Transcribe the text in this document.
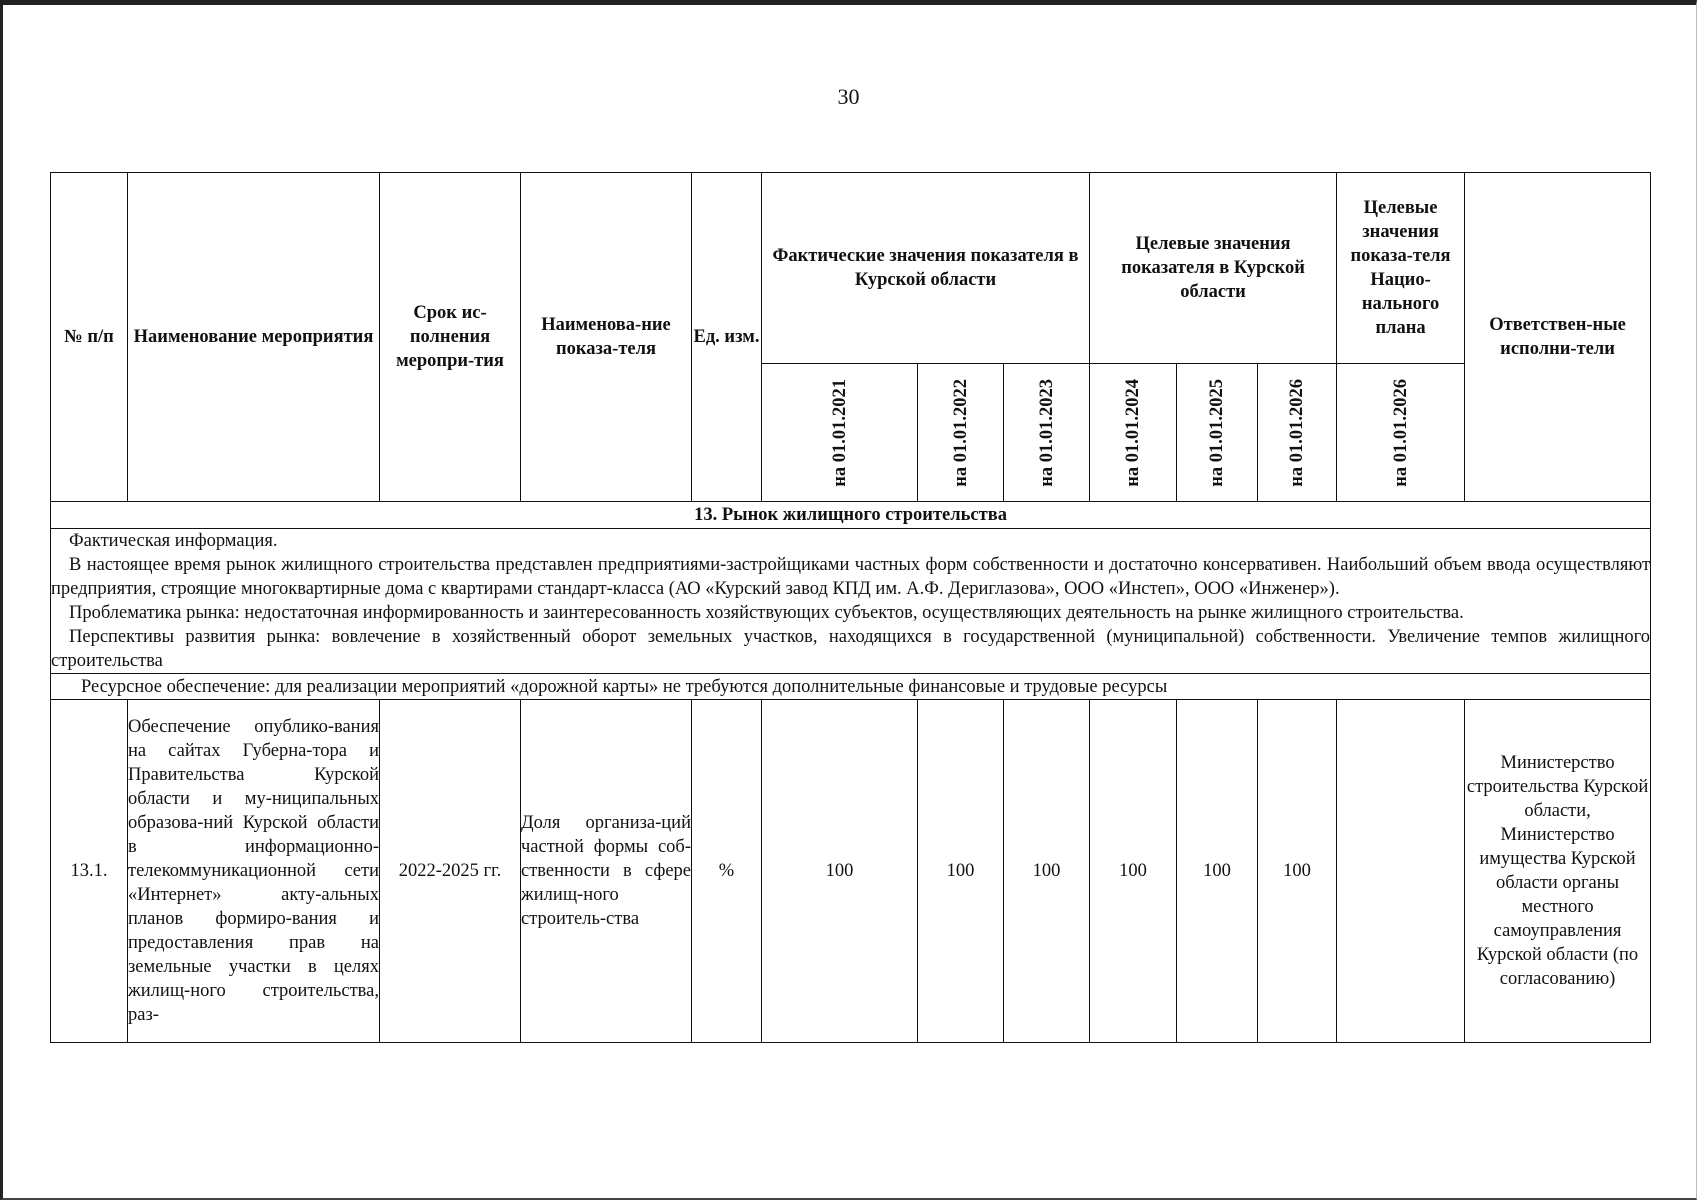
30
№ п/п	Наименование мероприятия	Срок ис-полнения меропри-тия	Наименова-ние показа-теля	Ед. изм.	Фактические значения показателя в Курской области			Целевые значения показателя в Курской области			Целевые значения показа-теля Нацио-нального плана	Ответствен-ные исполни-тели

					на 01.01.2021	на 01.01.2022	на 01.01.2023	на 01.01.2024	на 01.01.2025	на 01.01.2026	на 01.01.2026	

13. Рынок жилищного строительства												

Фактическая информация.

В настоящее время рынок жилищного строительства представлен предприятиями-застройщиками частных форм собственности и достаточно консервативен. Наибольший объем ввода осуществляют предприятия, строящие многоквартирные дома с квартирами стандарт-класса (АО «Курский завод КПД им. А.Ф. Дериглазова», ООО «Инстеп», ООО «Инженер»).

Проблематика рынка: недостаточная информированность и заинтересованность хозяйствующих субъектов, осуществляющих деятельность на рынке жилищного строительства.

Перспективы развития рынка: вовлечение в хозяйственный оборот земельных участков, находящихся в государственной (муниципальной) собственности. Увеличение темпов жилищного строительства												

Ресурсное обеспечение: для реализации мероприятий «дорожной карты» не требуются дополнительные финансовые и трудовые ресурсы												
13.1.	Обеспечение опублико-вания на сайтах Губерна-тора и Правительства Курской области и му-ниципальных образова-ний Курской области в информационно-телекоммуникационной сети «Интернет» акту-альных планов формиро-вания и предоставления прав на земельные участки в целях жилищ-ного строительства, раз-	2022-2025 гг.	Доля организа-ций частной формы соб-ственности в сфере жилищ-ного строитель-ства	%	100	100	100	100	100	100		Министерство строительства Курской области, Министерство имущества Курской области органы местного самоуправления Курской области (по согласованию)
